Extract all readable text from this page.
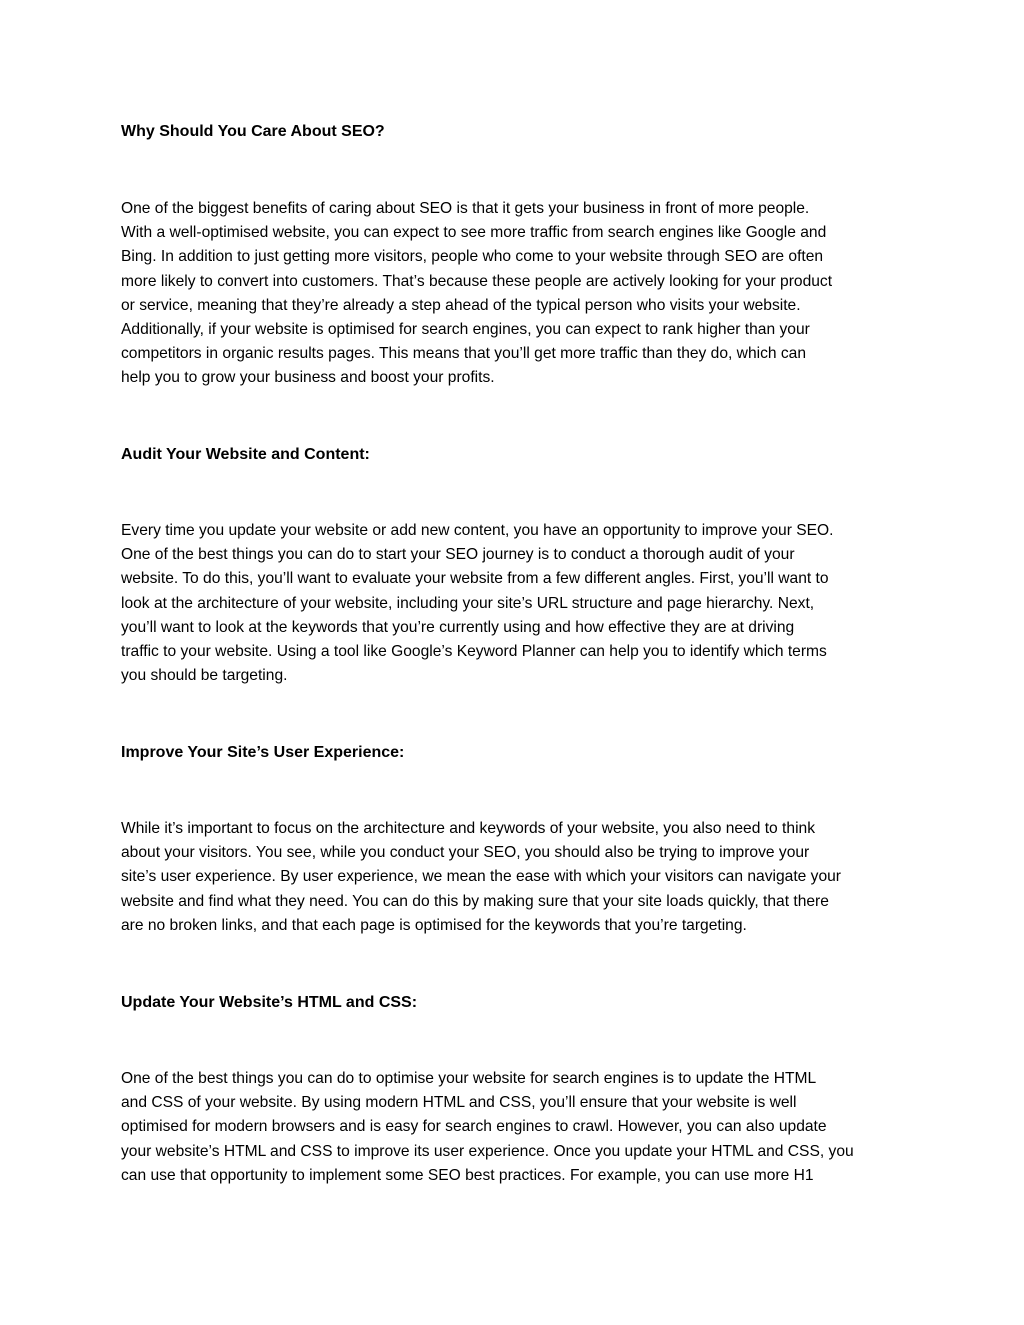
Why Should You Care About SEO?

One of the biggest benefits of caring about SEO is that it gets your business in front of more people.
With a well-optimised website, you can expect to see more traffic from search engines like Google and
Bing. In addition to just getting more visitors, people who come to your website through SEO are often
more likely to convert into customers. That’s because these people are actively looking for your product
or service, meaning that they’re already a step ahead of the typical person who visits your website.
Additionally, if your website is optimised for search engines, you can expect to rank higher than your
competitors in organic results pages. This means that you’ll get more traffic than they do, which can
help you to grow your business and boost your profits.

Audit Your Website and Content:

Every time you update your website or add new content, you have an opportunity to improve your SEO.
One of the best things you can do to start your SEO journey is to conduct a thorough audit of your
website. To do this, you’ll want to evaluate your website from a few different angles. First, you’ll want to
look at the architecture of your website, including your site’s URL structure and page hierarchy. Next,
you’ll want to look at the keywords that you’re currently using and how effective they are at driving
traffic to your website. Using a tool like Google’s Keyword Planner can help you to identify which terms
you should be targeting.

Improve Your Site’s User Experience:

While it’s important to focus on the architecture and keywords of your website, you also need to think
about your visitors. You see, while you conduct your SEO, you should also be trying to improve your
site’s user experience. By user experience, we mean the ease with which your visitors can navigate your
website and find what they need. You can do this by making sure that your site loads quickly, that there
are no broken links, and that each page is optimised for the keywords that you’re targeting.

Update Your Website’s HTML and CSS:

One of the best things you can do to optimise your website for search engines is to update the HTML
and CSS of your website. By using modern HTML and CSS, you’ll ensure that your website is well
optimised for modern browsers and is easy for search engines to crawl. However, you can also update
your website’s HTML and CSS to improve its user experience. Once you update your HTML and CSS, you
can use that opportunity to implement some SEO best practices. For example, you can use more H1
